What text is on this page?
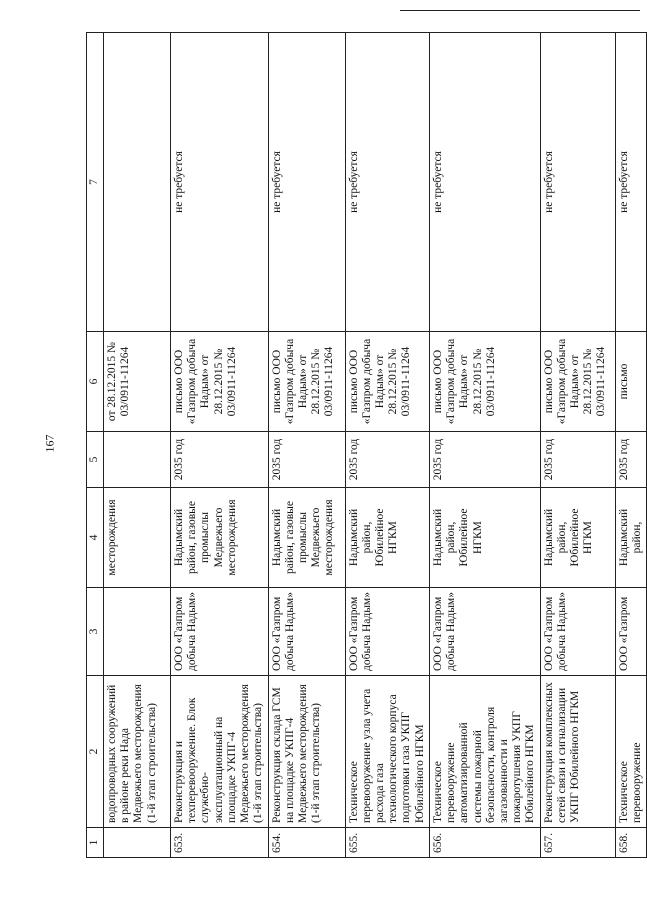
167
1	2	3	4	5	6	7
	водопроводных сооружений в районе реки Нада Медвежьего месторождения (1-й этап строительства)		месторождения		от 28.12.2015 № 03/0911-11264	
653.	Реконструкция и техперевооружение. Блок служебно-эксплуатационный на площадке УКПГ-4 Медвежьего месторождения (1-й этап строительства)	ООО «Газпром добыча Надым»	Надымский район, газовые промыслы Медвежьего месторождения	2035 год	письмо ООО «Газпром добыча Надым» от 28.12.2015 № 03/0911-11264	не требуется
654.	Реконструкция склада ГСМ на площадке УКПГ-4 Медвежьего месторождения (1-й этап строительства)	ООО «Газпром добыча Надым»	Надымский район, газовые промыслы Медвежьего месторождения	2035 год	письмо ООО «Газпром добыча Надым» от 28.12.2015 № 03/0911-11264	не требуется
655.	Техническое перевооружение узла учета расхода газа технологического корпуса подготовки газа УКПГ Юбилейного НГКМ	ООО «Газпром добыча Надым»	Надымский район, Юбилейное НГКМ	2035 год	письмо ООО «Газпром добыча Надым» от 28.12.2015 № 03/0911-11264	не требуется
656.	Техническое перевооружение автоматизированной системы пожарной безопасности, контроля загазованности и пожаротушения УКПГ Юбилейного НГКМ	ООО «Газпром добыча Надым»	Надымский район, Юбилейное НГКМ	2035 год	письмо ООО «Газпром добыча Надым» от 28.12.2015 № 03/0911-11264	не требуется
657.	Реконструкция комплексных сетей связи и сигнализации УКПГ Юбилейного НГКМ	ООО «Газпром добыча Надым»	Надымский район, Юбилейное НГКМ	2035 год	письмо ООО «Газпром добыча Надым» от 28.12.2015 № 03/0911-11264	не требуется
658.	Техническое перевооружение	ООО «Газпром	Надымский район,	2035 год	письмо	не требуется
